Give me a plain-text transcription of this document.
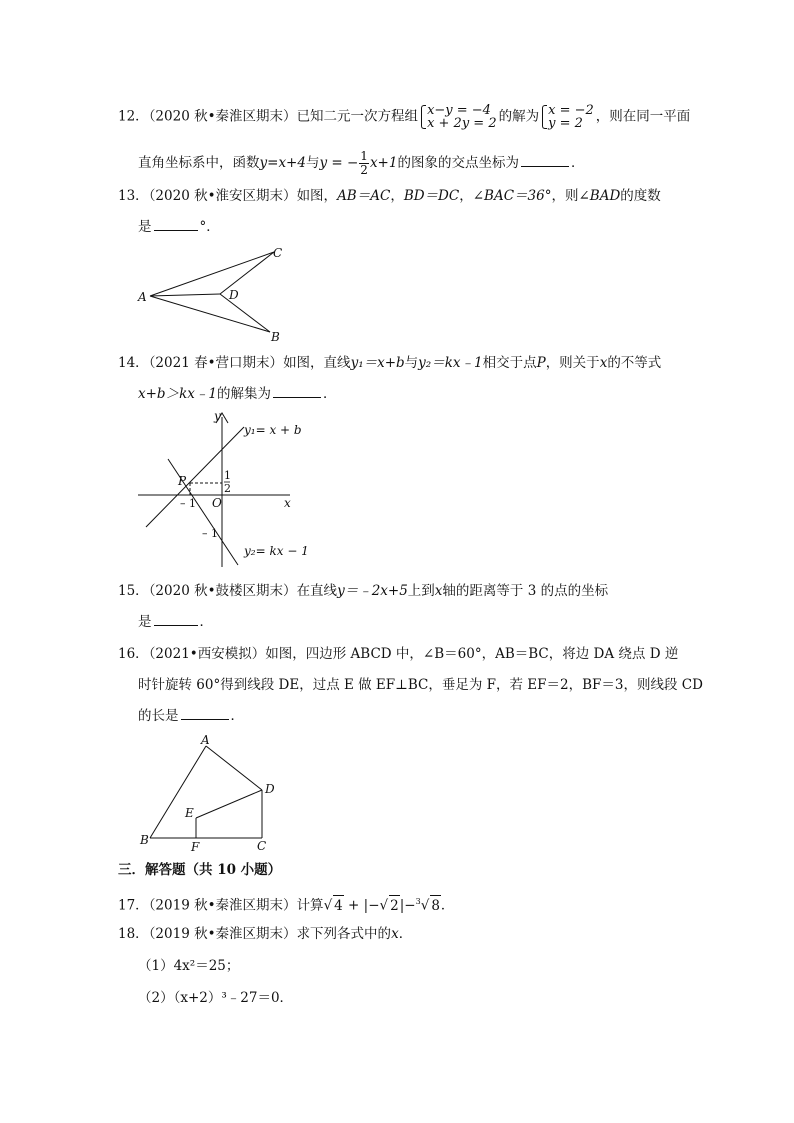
12．（2020 秋•秦淮区期末）已知二元一次方程组 x−y = −4
x + 2y = 2 的解为 x = −2
y = 2 ，则在同一平面
直角坐标系中，函数y=x+4与y = − $\frac{1}{2} x+1$的图象的交点坐标为	．
13．（2020 秋•淮安区期末）如图，AB＝AC，BD＝DC，∠BAC＝36°，则∠BAD的度数
是	°．
A
C
D
B
14．（2021 春•营口期末）如图，直线y₁＝x+b与y₂＝kx﹣1相交于点P，则关于x的不等式
x+b＞kx﹣1的解集为	．
y
x
O
P
y₁= x + b
y₂= kx − 1
1
2
– 1
– 1
15．（2020 秋•鼓楼区期末）在直线y＝﹣2x+5上到x轴的距离等于 3 的点的坐标
是	．
16．（2021•西安模拟）如图，四边形 ABCD 中，∠B＝60°，AB＝BC，将边 DA 绕点 D 逆
时针旋转 60°得到线段 DE，过点 E 做 EF⊥BC，垂足为 F，若 EF＝2，BF＝3，则线段 CD
的长是	．
A
B	C
D
E
F
三．解答题（共 10 小题）
17．（2019 秋•秦淮区期末）计算√ 4 + |−√ 2|−$^3$√ 8．
18．（2019 秋•秦淮区期末）求下列各式中的x．
（1）4x²＝25；
（2）（x+2）³﹣27＝0．
